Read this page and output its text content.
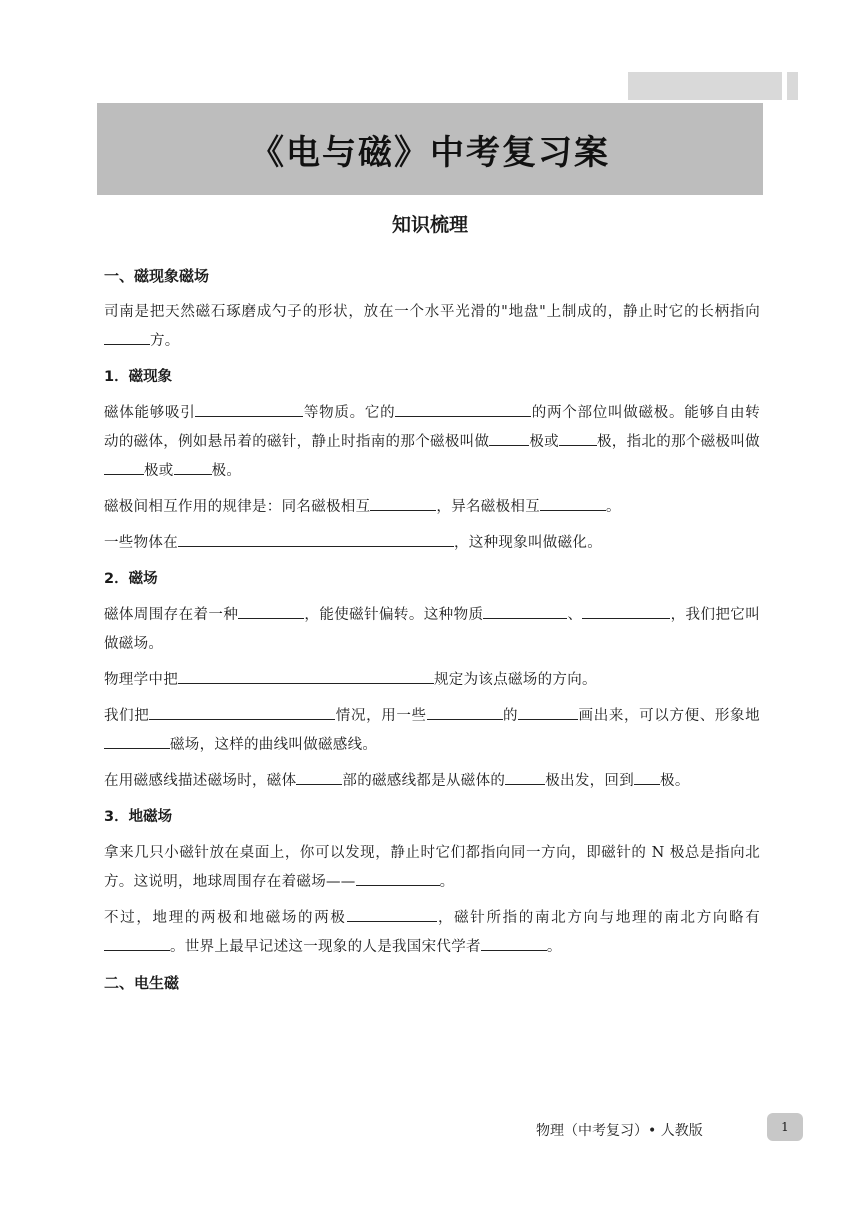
《电与磁》中考复习案
知识梳理
一、磁现象磁场
司南是把天然磁石琢磨成勺子的形状，放在一个水平光滑的"地盘"上制成的，静止时它的长柄指向方。
1．磁现象
磁体能够吸引	等物质。它的	的两个部位叫做磁极。能够自由转动的磁体，例如悬吊着的磁针，静止时指南的那个磁极叫做	极或	极，指北的那个磁极叫做极或	极。
磁极间相互作用的规律是：同名磁极相互	，异名磁极相互	。
一些物体在	，这种现象叫做磁化。
2．磁场
磁体周围存在着一种	，能使磁针偏转。这种物质	、	，我们把它叫做磁场。
物理学中把	规定为该点磁场的方向。
我们把	情况，用一些	的	画出来，可以方便、形象地磁场，这样的曲线叫做磁感线。
在用磁感线描述磁场时，磁体	部的磁感线都是从磁体的	极出发，回到 极。
3．地磁场
拿来几只小磁针放在桌面上，你可以发现，静止时它们都指向同一方向，即磁针的 N 极总是指向北方。这说明，地球周围存在着磁场——	。
不过，地理的两极和地磁场的两极	，磁针所指的南北方向与地理的南北方向略有。世界上最早记述这一现象的人是我国宋代学者	。
二、电生磁
物理（中考复习）• 人教版	1
